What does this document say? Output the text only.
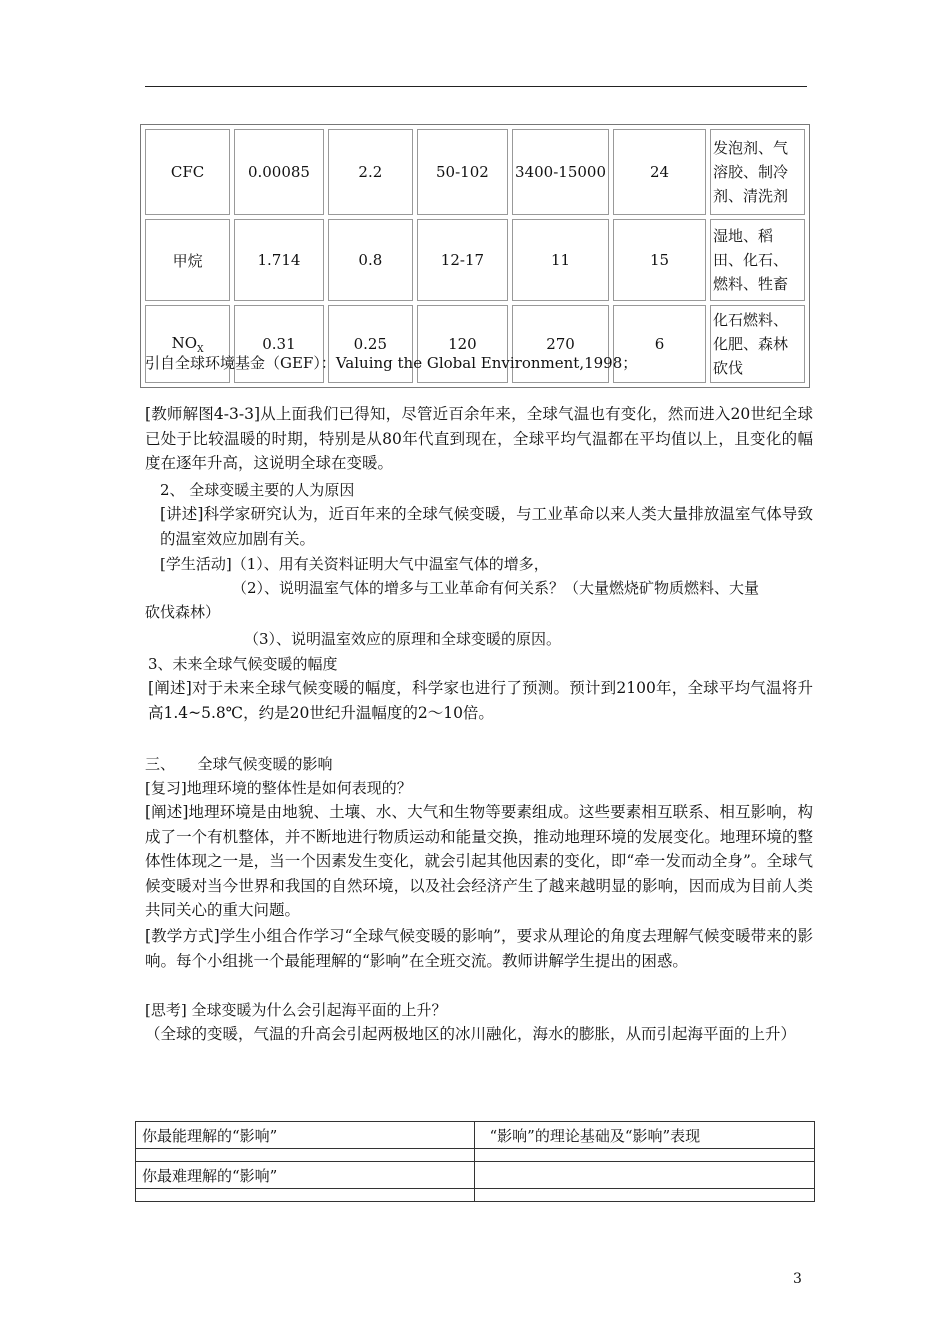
CFC	0.00085	2.2	50-102	3400-15000	24	发泡剂、气溶胶、制冷剂、清洗剂
甲烷	1.714	0.8	12-17	11	15	湿地、稻田、化石、燃料、牲畜
$NO_X$	0.31	0.25	120	270	6	化石燃料、化肥、森林砍伐
引自全球环境基金（GEF）：Valuing the Global Environment,1998；
[教师解图4-3-3]从上面我们已得知，尽管近百余年来，全球气温也有变化，然而进入20世纪全球已处于比较温暖的时期，特别是从80年代直到现在，全球平均气温都在平均值以上，且变化的幅度在逐年升高，这说明全球在变暖。
2、 全球变暖主要的人为原因
[讲述]科学家研究认为，近百年来的全球气候变暖，与工业革命以来人类大量排放温室气体导致的温室效应加剧有关。
[学生活动]（1）、用有关资料证明大气中温室气体的增多，
（2）、说明温室气体的增多与工业革命有何关系？（大量燃烧矿物质燃料、大量
砍伐森林）
（3）、说明温室效应的原理和全球变暖的原因。
3、未来全球气候变暖的幅度
[阐述]对于未来全球气候变暖的幅度，科学家也进行了预测。预计到2100年，全球平均气温将升高1.4~5.8℃，约是20世纪升温幅度的2～10倍。
三、　　全球气候变暖的影响
[复习]地理环境的整体性是如何表现的？
[阐述]地理环境是由地貌、土壤、水、大气和生物等要素组成。这些要素相互联系、相互影响，构成了一个有机整体，并不断地进行物质运动和能量交换，推动地理环境的发展变化。地理环境的整体性体现之一是，当一个因素发生变化，就会引起其他因素的变化，即“牵一发而动全身”。全球气候变暖对当今世界和我国的自然环境，以及社会经济产生了越来越明显的影响，因而成为目前人类共同关心的重大问题。
[教学方式]学生小组合作学习“全球气候变暖的影响”，要求从理论的角度去理解气候变暖带来的影响。每个小组挑一个最能理解的“影响”在全班交流。教师讲解学生提出的困惑。
[思考] 全球变暖为什么会引起海平面的上升？
（全球的变暖，气温的升高会引起两极地区的冰川融化，海水的膨胀，从而引起海平面的上升）
你最能理解的“影响”	“影响”的理论基础及“影响”表现

你最难理解的“影响”	

3
